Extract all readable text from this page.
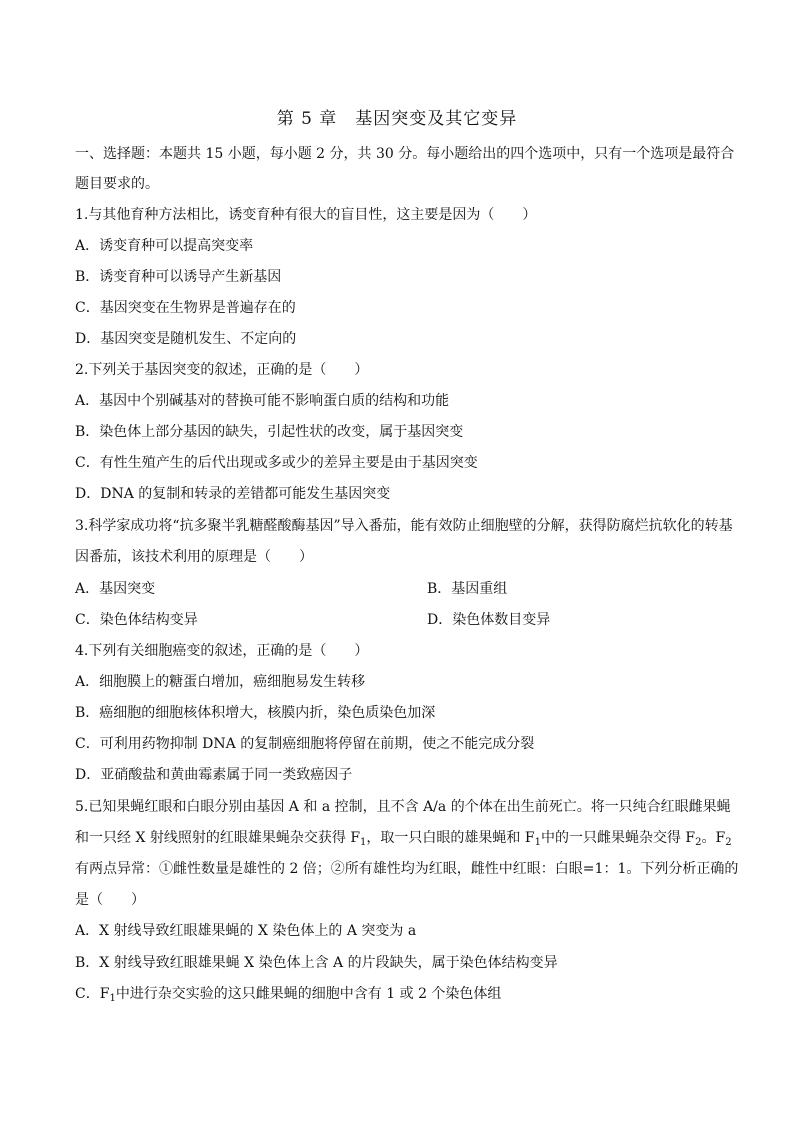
第 5 章　基因突变及其它变异
一、选择题：本题共 15 小题，每小题 2 分，共 30 分。每小题给出的四个选项中，只有一个选项是最符合
题目要求的。
1.与其他育种方法相比，诱变育种有很大的盲目性，这主要是因为（　　）
A．诱变育种可以提高突变率
B．诱变育种可以诱导产生新基因
C．基因突变在生物界是普遍存在的
D．基因突变是随机发生、不定向的
2.下列关于基因突变的叙述，正确的是（　　）
A．基因中个别碱基对的替换可能不影响蛋白质的结构和功能
B．染色体上部分基因的缺失，引起性状的改变，属于基因突变
C．有性生殖产生的后代出现或多或少的差异主要是由于基因突变
D．DNA 的复制和转录的差错都可能发生基因突变
3.科学家成功将“抗多聚半乳糖醛酸酶基因”导入番茄，能有效防止细胞壁的分解，获得防腐烂抗软化的转基
因番茄，该技术利用的原理是（　　）
A．基因突变	B．基因重组
C．染色体结构变异	D．染色体数目变异
4.下列有关细胞癌变的叙述，正确的是（　　）
A．细胞膜上的糖蛋白增加，癌细胞易发生转移
B．癌细胞的细胞核体积增大，核膜内折，染色质染色加深
C．可利用药物抑制 DNA 的复制癌细胞将停留在前期，使之不能完成分裂
D．亚硝酸盐和黄曲霉素属于同一类致癌因子
5.已知果蝇红眼和白眼分别由基因 A 和 a 控制，且不含 A/a 的个体在出生前死亡。将一只纯合红眼雌果蝇
和一只经 X 射线照射的红眼雄果蝇杂交获得 $F_1$，取一只白眼的雄果蝇和 $F_1$中的一只雌果蝇杂交得 $F_2$。$F_2$
有两点异常：①雌性数量是雄性的 2 倍；②所有雄性均为红眼，雌性中红眼：白眼=1：1。下列分析正确的
是（　　）
A．X 射线导致红眼雄果蝇的 X 染色体上的 A 突变为 a
B．X 射线导致红眼雄果蝇 X 染色体上含 A 的片段缺失，属于染色体结构变异
C．$F_1$中进行杂交实验的这只雌果蝇的细胞中含有 1 或 2 个染色体组
